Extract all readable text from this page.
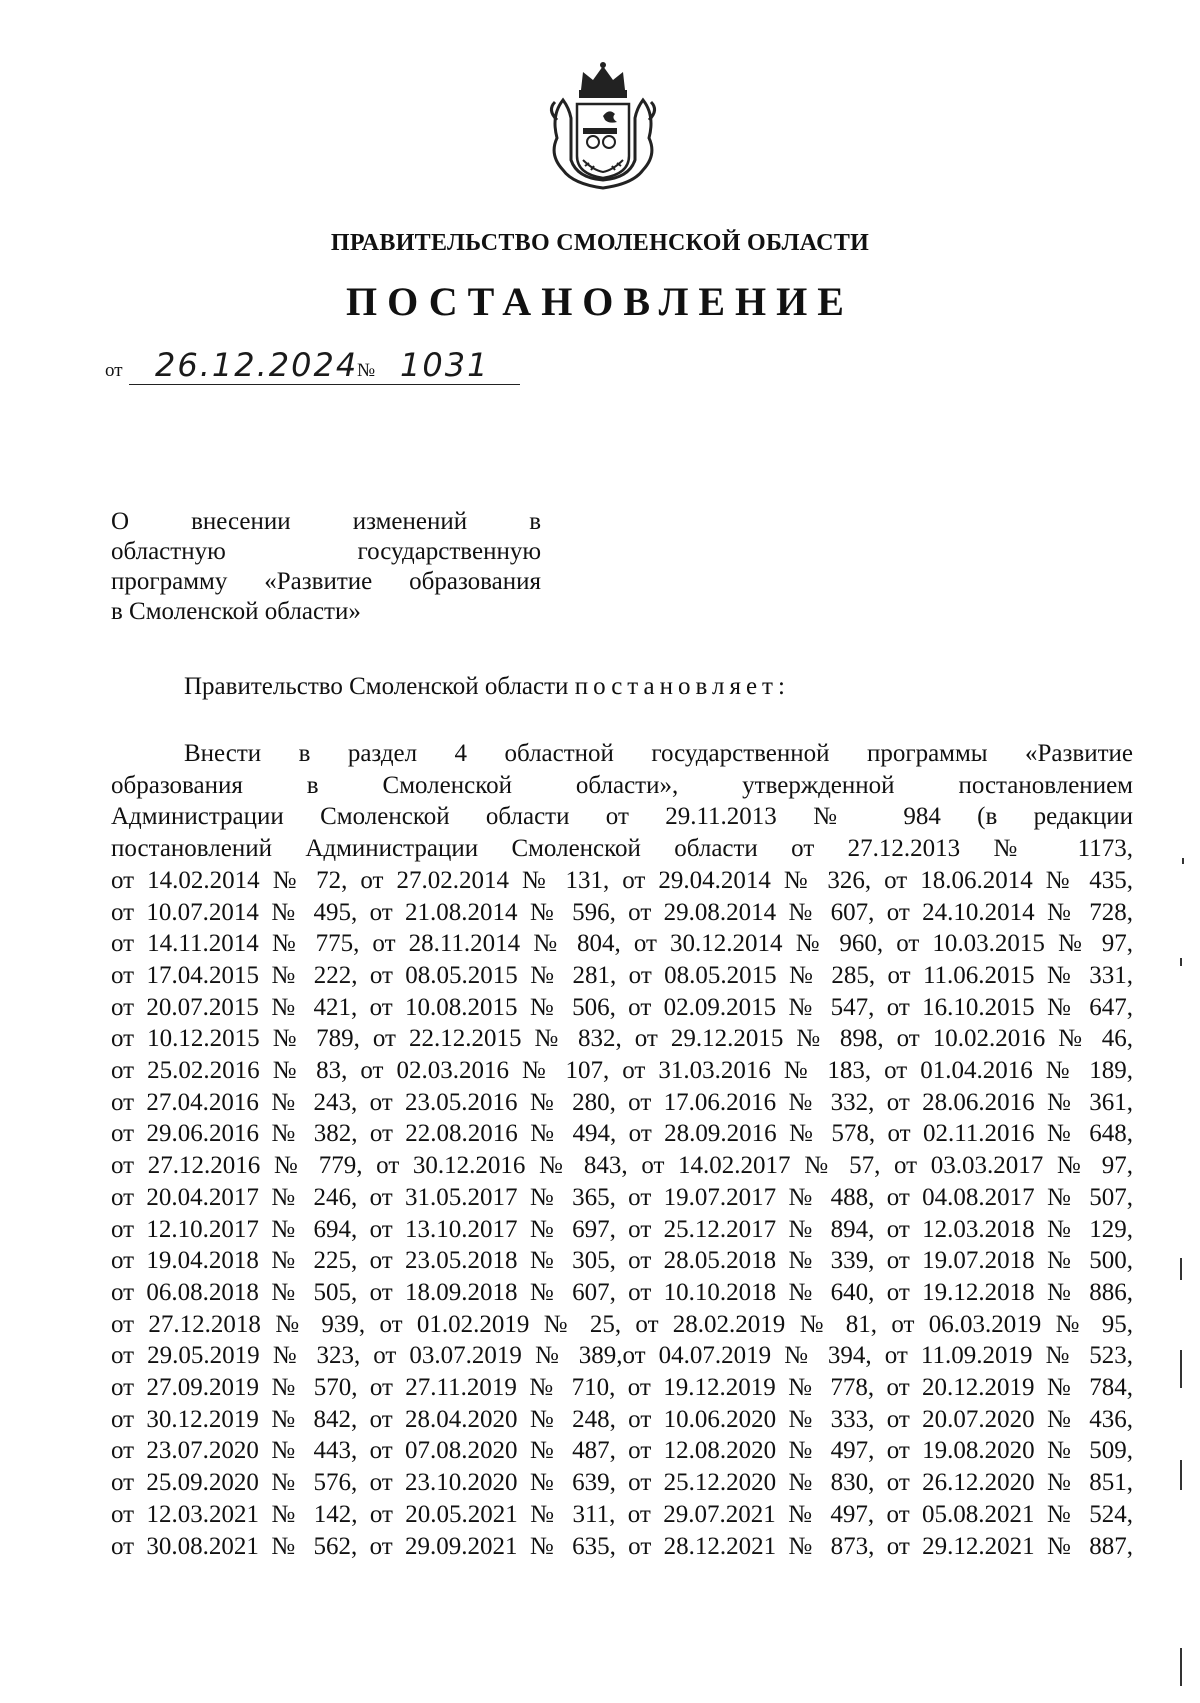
ПРАВИТЕЛЬСТВО СМОЛЕНСКОЙ ОБЛАСТИ
ПОСТАНОВЛЕНИЕ
от 26.12.2024
№ 1031
О внесении изменений в
областную государственную
программу «Развитие образования
в Смоленской области»
Правительство Смоленской области постановляет:
Внести в раздел 4 областной государственной программы «Развитие
образования в Смоленской области», утвержденной постановлением
Администрации Смоленской области от 29.11.2013 № 984 (в редакции
постановлений Администрации Смоленской области от 27.12.2013 № 1173,
от 14.02.2014 № 72, от 27.02.2014 № 131, от 29.04.2014 № 326, от 18.06.2014 № 435,
от 10.07.2014 № 495, от 21.08.2014 № 596, от 29.08.2014 № 607, от 24.10.2014 № 728,
от 14.11.2014 № 775, от 28.11.2014 № 804, от 30.12.2014 № 960, от 10.03.2015 № 97,
от 17.04.2015 № 222, от 08.05.2015 № 281, от 08.05.2015 № 285, от 11.06.2015 № 331,
от 20.07.2015 № 421, от 10.08.2015 № 506, от 02.09.2015 № 547, от 16.10.2015 № 647,
от 10.12.2015 № 789, от 22.12.2015 № 832, от 29.12.2015 № 898, от 10.02.2016 № 46,
от 25.02.2016 № 83, от 02.03.2016 № 107, от 31.03.2016 № 183, от 01.04.2016 № 189,
от 27.04.2016 № 243, от 23.05.2016 № 280, от 17.06.2016 № 332, от 28.06.2016 № 361,
от 29.06.2016 № 382, от 22.08.2016 № 494, от 28.09.2016 № 578, от 02.11.2016 № 648,
от 27.12.2016 № 779, от 30.12.2016 № 843, от 14.02.2017 № 57, от 03.03.2017 № 97,
от 20.04.2017 № 246, от 31.05.2017 № 365, от 19.07.2017 № 488, от 04.08.2017 № 507,
от 12.10.2017 № 694, от 13.10.2017 № 697, от 25.12.2017 № 894, от 12.03.2018 № 129,
от 19.04.2018 № 225, от 23.05.2018 № 305, от 28.05.2018 № 339, от 19.07.2018 № 500,
от 06.08.2018 № 505, от 18.09.2018 № 607, от 10.10.2018 № 640, от 19.12.2018 № 886,
от 27.12.2018 № 939, от 01.02.2019 № 25, от 28.02.2019 № 81, от 06.03.2019 № 95,
от 29.05.2019 № 323, от 03.07.2019 № 389,от 04.07.2019 № 394, от 11.09.2019 № 523,
от 27.09.2019 № 570, от 27.11.2019 № 710, от 19.12.2019 № 778, от 20.12.2019 № 784,
от 30.12.2019 № 842, от 28.04.2020 № 248, от 10.06.2020 № 333, от 20.07.2020 № 436,
от 23.07.2020 № 443, от 07.08.2020 № 487, от 12.08.2020 № 497, от 19.08.2020 № 509,
от 25.09.2020 № 576, от 23.10.2020 № 639, от 25.12.2020 № 830, от 26.12.2020 № 851,
от 12.03.2021 № 142, от 20.05.2021 № 311, от 29.07.2021 № 497, от 05.08.2021 № 524,
от 30.08.2021 № 562, от 29.09.2021 № 635, от 28.12.2021 № 873, от 29.12.2021 № 887,
